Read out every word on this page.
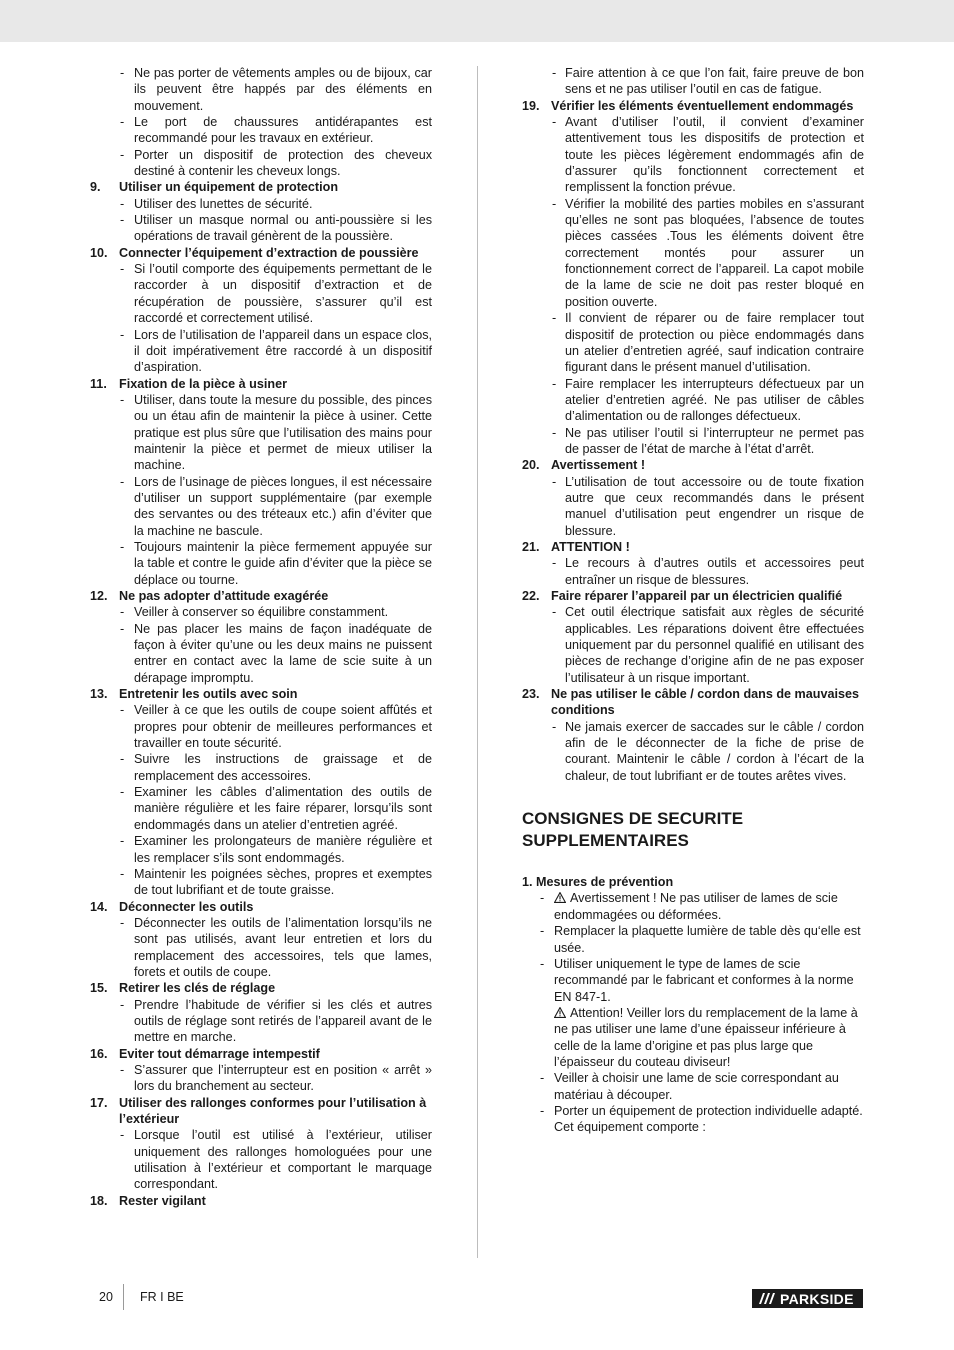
- Ne pas porter de vêtements amples ou de bijoux, car ils peuvent être happés par des éléments en mouvement.
- Le port de chaussures antidérapantes est recommandé pour les travaux en extérieur.
- Porter un dispositif de protection des cheveux destiné à contenir les cheveux longs.
9.	Utiliser un équipement de protection
- Utiliser des lunettes de sécurité.
- Utiliser un masque normal ou anti-poussière si les opérations de travail génèrent de la poussière.
10. Connecter l’équipement d’extraction de poussière
- Si l’outil comporte des équipements permettant de le raccorder à un dispositif d’extraction et de récupération de poussière, s’assurer qu’il est raccordé et correctement utilisé.
- Lors de l’utilisation de l’appareil dans un espace clos, il doit impérativement être raccordé à un dispositif d’aspiration.
11. Fixation de la pièce à usiner
- Utiliser, dans toute la mesure du possible, des pinces ou un étau afin de maintenir la pièce à usiner. Cette pratique est plus sûre que l’utilisation des mains pour maintenir la pièce et permet de mieux utiliser la machine.
- Lors de l’usinage de pièces longues, il est nécessaire d’utiliser un support supplémentaire (par exemple des servantes ou des tréteaux etc.) afin d’éviter que la machine ne bascule.
- Toujours maintenir la pièce fermement appuyée sur la table et contre le guide afin d’éviter que la pièce se déplace ou tourne.
12. Ne pas adopter d’attitude exagérée
- Veiller à conserver so équilibre constamment.
- Ne pas placer les mains de façon inadéquate de façon à éviter qu’une ou les deux mains ne puissent entrer en contact avec la lame de scie suite à un dérapage impromptu.
13. Entretenir les outils avec soin
- Veiller à ce que les outils de coupe soient affûtés et propres pour obtenir de meilleures performances et travailler en toute sécurité.
- Suivre les instructions de graissage et de remplacement des accessoires.
- Examiner les câbles d’alimentation des outils de manière régulière et les faire réparer, lorsqu’ils sont endommagés dans un atelier d’entretien agréé.
- Examiner les prolongateurs de manière régulière et les remplacer s’ils sont endommagés.
- Maintenir les poignées sèches, propres et exemptes de tout lubrifiant et de toute graisse.
14. Déconnecter les outils
- Déconnecter les outils de l’alimentation lorsqu’ils ne sont pas utilisés, avant leur entretien et lors du remplacement des accessoires, tels que lames, forets et outils de coupe.
15. Retirer les clés de réglage
- Prendre l’habitude de vérifier si les clés et autres outils de réglage sont retirés de l’appareil avant de le mettre en marche.
16. Eviter tout démarrage intempestif
- S’assurer que l’interrupteur est en position « arrêt » lors du branchement au secteur.
17. Utiliser des rallonges conformes pour l’utilisation à l’extérieur
- Lorsque l’outil est utilisé à l’extérieur, utiliser uniquement des rallonges homologuées pour une utilisation à l’extérieur et comportant le marquage correspondant.
18. Rester vigilant
- Faire attention à ce que l’on fait, faire preuve de bon sens et ne pas utiliser l’outil en cas de fatigue.
19. Vérifier les éléments éventuellement endommagés
- Avant d’utiliser l’outil, il convient d’examiner attentivement tous les dispositifs de protection et toute les pièces légèrement endommagés afin de d’assurer qu’ils fonctionnent correctement et remplissent la fonction prévue.
- Vérifier la mobilité des parties mobiles en s’assurant qu’elles ne sont pas bloquées, l’absence de toutes pièces cassées .Tous les éléments doivent être correctement montés pour assurer un fonctionnement correct de l’appareil. La capot mobile de la lame de scie ne doit pas rester bloqué en position ouverte.
- Il convient de réparer ou de faire remplacer tout dispositif de protection ou pièce endommagés dans un atelier d’entretien agréé, sauf indication contraire figurant dans le présent manuel d’utilisation.
- Faire remplacer les interrupteurs défectueux par un atelier d’entretien agréé. Ne pas utiliser de câbles d’alimentation ou de rallonges défectueux.
- Ne pas utiliser l’outil si l’interrupteur ne permet pas de passer de l’état de marche à l’état d’arrêt.
20. Avertissement !
- L’utilisation de tout accessoire ou de toute fixation autre que ceux recommandés dans le présent manuel d’utilisation peut engendrer un risque de blessure.
21. ATTENTION !
- Le recours à d’autres outils et accessoires peut entraîner un risque de blessures.
22. Faire réparer l’appareil par un électricien qualifié
- Cet outil électrique satisfait aux règles de sécurité applicables. Les réparations doivent être effectuées uniquement par du personnel qualifié en utilisant des pièces de rechange d’origine afin de ne pas exposer l’utilisateur à un risque important.
23. Ne pas utiliser le câble / cordon dans de mauvaises conditions
- Ne jamais exercer de saccades sur le câble / cordon afin de le déconnecter de la fiche de prise de courant. Maintenir le câble / cordon à l’écart de la chaleur, de tout lubrifiant er de toutes arêtes vives.
CONSIGNES DE SECURITE SUPPLEMENTAIRES
1. Mesures de prévention
- Avertissement ! Ne pas utiliser de lames de scie endommagées ou déformées.
- Remplacer la plaquette lumière de table dès qu‘elle est usée.
- Utiliser uniquement le type de lames de scie recommandé par le fabricant et conformes à la norme EN 847-1.
Attention! Veiller lors du remplacement de la lame à ne pas utiliser une lame d’une épaisseur inférieure à celle de la lame d’origine et pas plus large que l’épaisseur du couteau diviseur!
- Veiller à choisir une lame de scie correspondant au matériau à découper.
- Porter un équipement de protection individuelle adapté.
Cet équipement comporte :
20 FR I BE	PARKSIDE
